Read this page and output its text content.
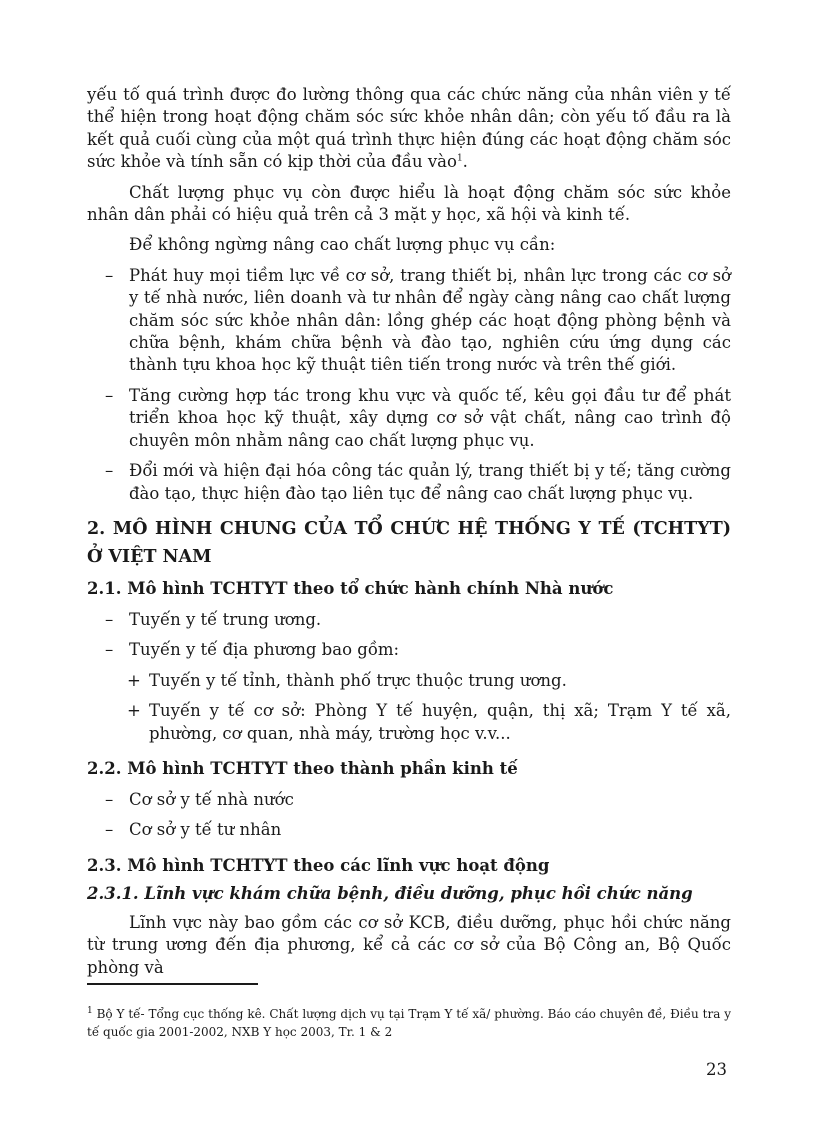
yếu tố quá trình được đo lường thông qua các chức năng của nhân viên y tế thể hiện trong hoạt động chăm sóc sức khỏe nhân dân; còn yếu tố đầu ra là kết quả cuối cùng của một quá trình thực hiện đúng các hoạt động chăm sóc sức khỏe và tính sẵn có kịp thời của đầu vào$^1$.

Chất lượng phục vụ còn được hiểu là hoạt động chăm sóc sức khỏe nhân dân phải có hiệu quả trên cả 3 mặt y học, xã hội và kinh tế.

Để không ngừng nâng cao chất lượng phục vụ cần:

– Phát huy mọi tiềm lực về cơ sở, trang thiết bị, nhân lực trong các cơ sở y tế nhà nước, liên doanh và tư nhân để ngày càng nâng cao chất lượng chăm sóc sức khỏe nhân dân: lồng ghép các hoạt động phòng bệnh và chữa bệnh, khám chữa bệnh và đào tạo, nghiên cứu ứng dụng các thành tựu khoa học kỹ thuật tiên tiến trong nước và trên thế giới.
– Tăng cường hợp tác trong khu vực và quốc tế, kêu gọi đầu tư để phát triển khoa học kỹ thuật, xây dựng cơ sở vật chất, nâng cao trình độ chuyên môn nhằm nâng cao chất lượng phục vụ.
– Đổi mới và hiện đại hóa công tác quản lý, trang thiết bị y tế; tăng cường đào tạo, thực hiện đào tạo liên tục để nâng cao chất lượng phục vụ.
2. MÔ HÌNH CHUNG CỦA TỔ CHỨC HỆ THỐNG Y TẾ (TCHTYT) Ở VIỆT NAM
2.1. Mô hình TCHTYT theo tổ chức hành chính Nhà nước
– Tuyến y tế trung ương.
– Tuyến y tế địa phương bao gồm:
+ Tuyến y tế tỉnh, thành phố trực thuộc trung ương.
+ Tuyến y tế cơ sở: Phòng Y tế huyện, quận, thị xã; Trạm Y tế xã, phường, cơ quan, nhà máy, trường học v.v...
2.2. Mô hình TCHTYT theo thành phần kinh tế
– Cơ sở y tế nhà nước
– Cơ sở y tế tư nhân
2.3. Mô hình TCHTYT theo các lĩnh vực hoạt động
2.3.1. Lĩnh vực khám chữa bệnh, điều dưỡng, phục hồi chức năng

Lĩnh vực này bao gồm các cơ sở KCB, điều dưỡng, phục hồi chức năng từ trung ương đến địa phương, kể cả các cơ sở của Bộ Công an, Bộ Quốc phòng và

$^1$ Bộ Y tế- Tổng cục thống kê. Chất lượng dịch vụ tại Trạm Y tế xã/ phường. Báo cáo chuyên đề, Điều tra y tế quốc gia 2001-2002, NXB Y học 2003, Tr. 1 & 2
23
